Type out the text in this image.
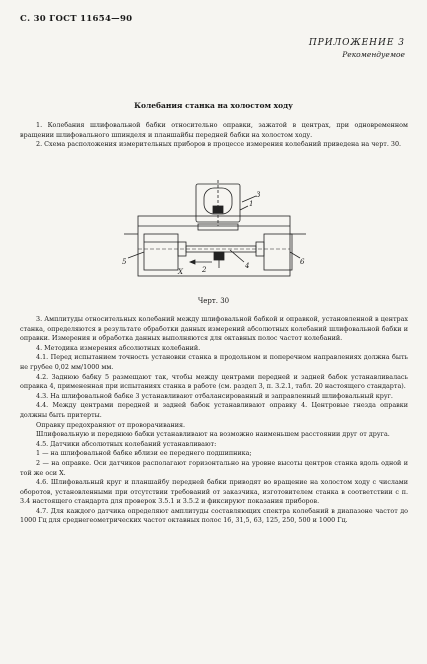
С. 30 ГОСТ 11654—90
ПРИЛОЖЕНИЕ 3
Рекомендуемое
Колебания станка на холостом ходу

1. Колебания шлифовальной бабки относительно оправки, зажатой в центрах, при одновременном вращении шлифовального шпинделя и планшайбы передней бабки на холостом ходу.

2. Схема расположения измерительных приборов в процессе измерения колебаний приведена на черт. 30.

5	6
1
3
4
2
X
Черт. 30

3. Амплитуды относительных колебаний между шлифовальной бабкой и оправкой, установленной в центрах станка, определяются в результате обработки данных измерений абсолютных колебаний шлифовальной бабки и оправки. Измерения и обработка данных выполняются для октавных полос частот колебаний.

4. Методика измерения абсолютных колебаний.

4.1. Перед испытанием точность установки станка в продольном и поперечном направлениях должна быть не грубее 0,02 мм/1000 мм.

4.2. Заднюю бабку 5 размещают так, чтобы между центрами передней и задней бабок устанавливалась оправка 4, примененная при испытаниях станка в работе (см. раздел 3, п. 3.2.1, табл. 20 настоящего стандарта).

4.3. На шлифовальной бабке 3 устанавливают отбалансированный и заправленный шлифовальный круг.

4.4. Между центрами передней и задней бабок устанавливают оправку 4. Центровые гнезда оправки должны быть притерты.

Оправку предохраняют от проворачивания.

Шлифовальную и переднюю бабки устанавливают на возможно наименьшем расстоянии друг от друга.

4.5. Датчики абсолютных колебаний устанавливают:

1 — на шлифовальной бабке вблизи ее переднего подшипника;

2 — на оправке. Оси датчиков располагают горизонтально на уровне высоты центров станка вдоль одной и той же оси X.

4.6. Шлифовальный круг и планшайбу передней бабки приводят во вращение на холостом ходу с числами оборотов, установленными при отсутствии требований от заказчика, изготовителем станка в соответствии с п. 3.4 настоящего стандарта для проверок 3.5.1 и 3.5.2 и фиксируют показания приборов.

4.7. Для каждого датчика определяют амплитуды составляющих спектра колебаний в диапазоне частот до 1000 Гц для среднегеометрических частот октавных полос 16, 31,5, 63, 125, 250, 500 и 1000 Гц.
